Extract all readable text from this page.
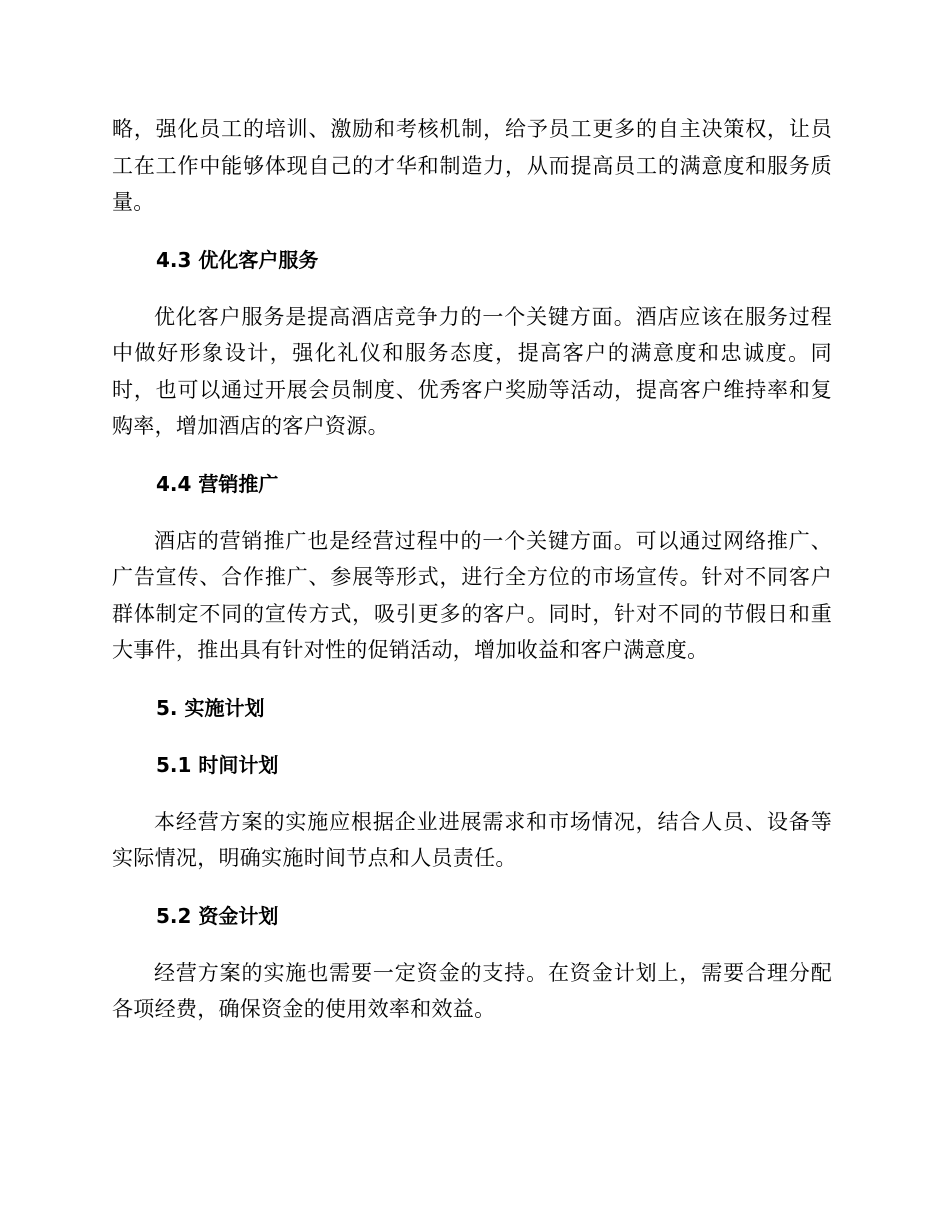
略，强化员工的培训、激励和考核机制，给予员工更多的自主决策权，让员工在工作中能够体现自己的才华和制造力，从而提高员工的满意度和服务质量。

4.3 优化客户服务

优化客户服务是提高酒店竞争力的一个关键方面。酒店应该在服务过程中做好形象设计，强化礼仪和服务态度，提高客户的满意度和忠诚度。同时，也可以通过开展会员制度、优秀客户奖励等活动，提高客户维持率和复购率，增加酒店的客户资源。

4.4 营销推广

酒店的营销推广也是经营过程中的一个关键方面。可以通过网络推广、广告宣传、合作推广、参展等形式，进行全方位的市场宣传。针对不同客户群体制定不同的宣传方式，吸引更多的客户。同时，针对不同的节假日和重大事件，推出具有针对性的促销活动，增加收益和客户满意度。

5. 实施计划

5.1 时间计划

本经营方案的实施应根据企业进展需求和市场情况，结合人员、设备等实际情况，明确实施时间节点和人员责任。

5.2 资金计划

经营方案的实施也需要一定资金的支持。在资金计划上，需要合理分配各项经费，确保资金的使用效率和效益。
